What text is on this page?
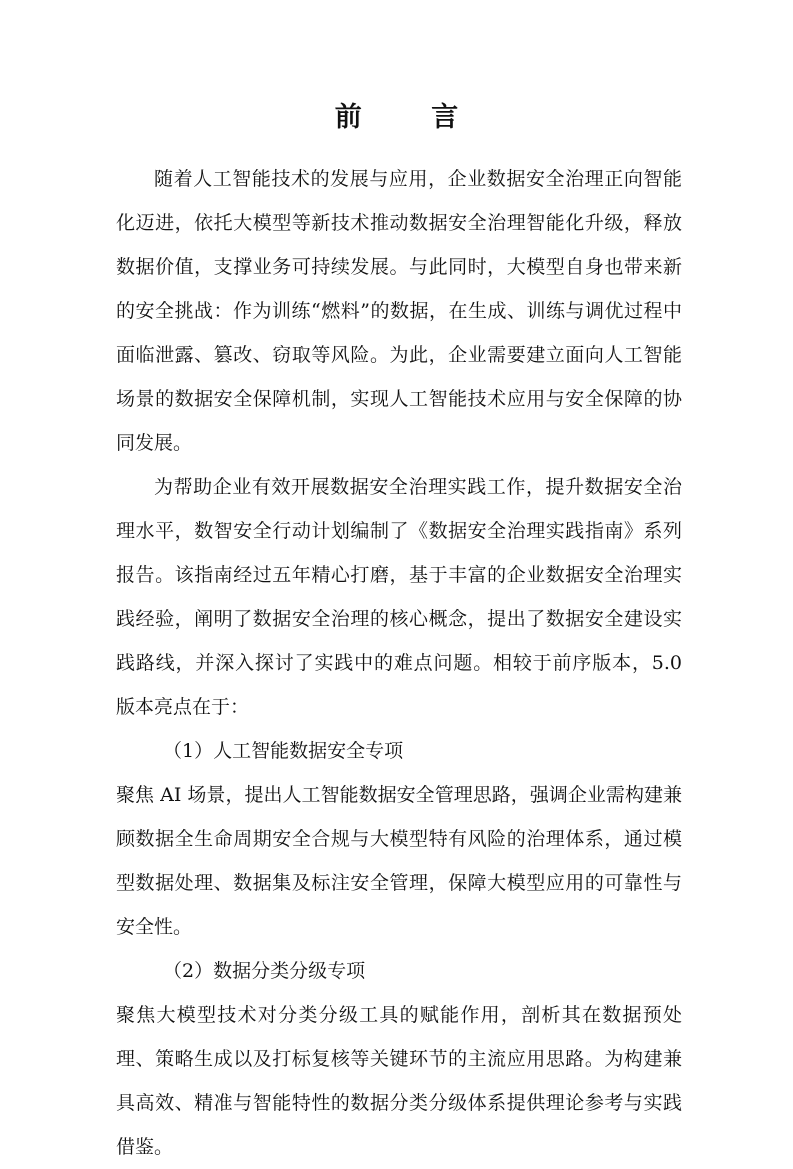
前 言

随着人工智能技术的发展与应用，企业数据安全治理正向智能化迈进，依托大模型等新技术推动数据安全治理智能化升级，释放数据价值，支撑业务可持续发展。与此同时，大模型自身也带来新的安全挑战：作为训练“燃料”的数据，在生成、训练与调优过程中面临泄露、篡改、窃取等风险。为此，企业需要建立面向人工智能场景的数据安全保障机制，实现人工智能技术应用与安全保障的协同发展。

为帮助企业有效开展数据安全治理实践工作，提升数据安全治理水平，数智安全行动计划编制了《数据安全治理实践指南》系列报告。该指南经过五年精心打磨，基于丰富的企业数据安全治理实践经验，阐明了数据安全治理的核心概念，提出了数据安全建设实践路线，并深入探讨了实践中的难点问题。相较于前序版本，5.0 版本亮点在于：

（1）人工智能数据安全专项

聚焦 AI 场景，提出人工智能数据安全管理思路，强调企业需构建兼顾数据全生命周期安全合规与大模型特有风险的治理体系，通过模型数据处理、数据集及标注安全管理，保障大模型应用的可靠性与安全性。

（2）数据分类分级专项

聚焦大模型技术对分类分级工具的赋能作用，剖析其在数据预处理、策略生成以及打标复核等关键环节的主流应用思路。为构建兼具高效、精准与智能特性的数据分类分级体系提供理论参考与实践借鉴。
